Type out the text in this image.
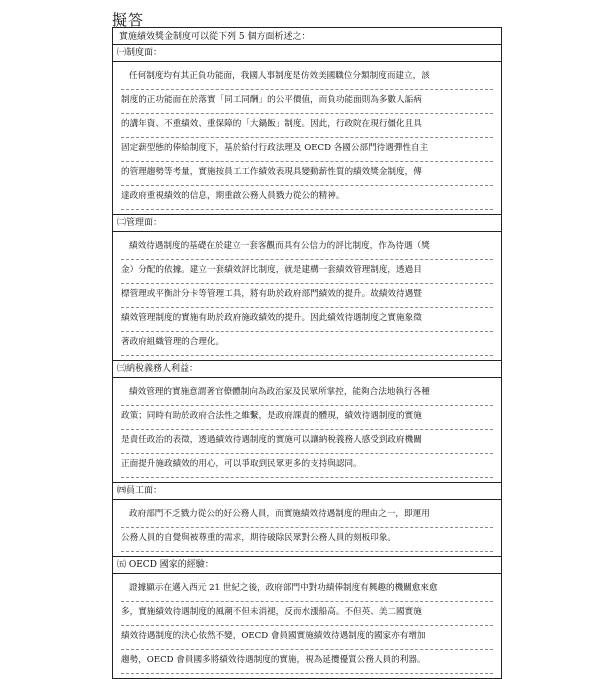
擬答
實施績效獎金制度可以從下列 5 個方面析述之：
㈠制度面：
任何制度均有其正負功能面，我國人事制度是仿效美國職位分類制度而建立，該
制度的正功能面在於落實「同工同酬」的公平價值，而負功能面則為多數人詬病
的講年資、不重績效、重保障的「大鍋飯」制度。因此，行政院在現行僵化且具
固定薪型態的俸給制度下，基於給付行政法理及 OECD 各國公部門待遇彈性自主
的管理趨勢等考量，實施按員工工作績效表現具變動薪性質的績效獎金制度，傳
達政府重視績效的信息，期重啟公務人員戮力從公的精神。
㈡管理面：
績效待遇制度的基礎在於建立一套客觀而具有公信力的評比制度，作為待遇（獎
金）分配的依據。建立一套績效評比制度，就是建構一套績效管理制度，透過目
標管理或平衡計分卡等管理工具，將有助於政府部門績效的提升。故績效待遇暨
績效管理制度的實施有助於政府施政績效的提升。因此績效待遇制度之實施象徵
著政府組織管理的合理化。
㈢納稅義務人利益：
績效管理的實施意謂著官僚體制向為政治家及民眾所掌控，能夠合法地執行各種
政策；同時有助於政府合法性之維繫，是政府課責的體現，績效待遇制度的實施
是責任政治的表徵，透過績效待遇制度的實施可以讓納稅義務人感受到政府機關
正面提升施政績效的用心，可以爭取到民眾更多的支持與認同。
㈣員工面：
政府部門不乏戮力從公的好公務人員，而實施績效待遇制度的理由之一，即運用
公務人員的自覺與被尊重的需求，期待破除民眾對公務人員的刻板印象。
㈤ OECD 國家的經驗：
證據顯示在邁入西元 21 世紀之後，政府部門中對功績俸制度有興趣的機關愈來愈
多，實施績效待遇制度的風潮不但未消褪，反而水漲船高。不但英、美二國實施
績效待遇制度的決心依然不變，OECD 會員國實施績效待遇制度的國家亦有增加
趨勢，OECD 會員國多將績效待遇制度的實施，視為延攬優質公務人員的利器。
